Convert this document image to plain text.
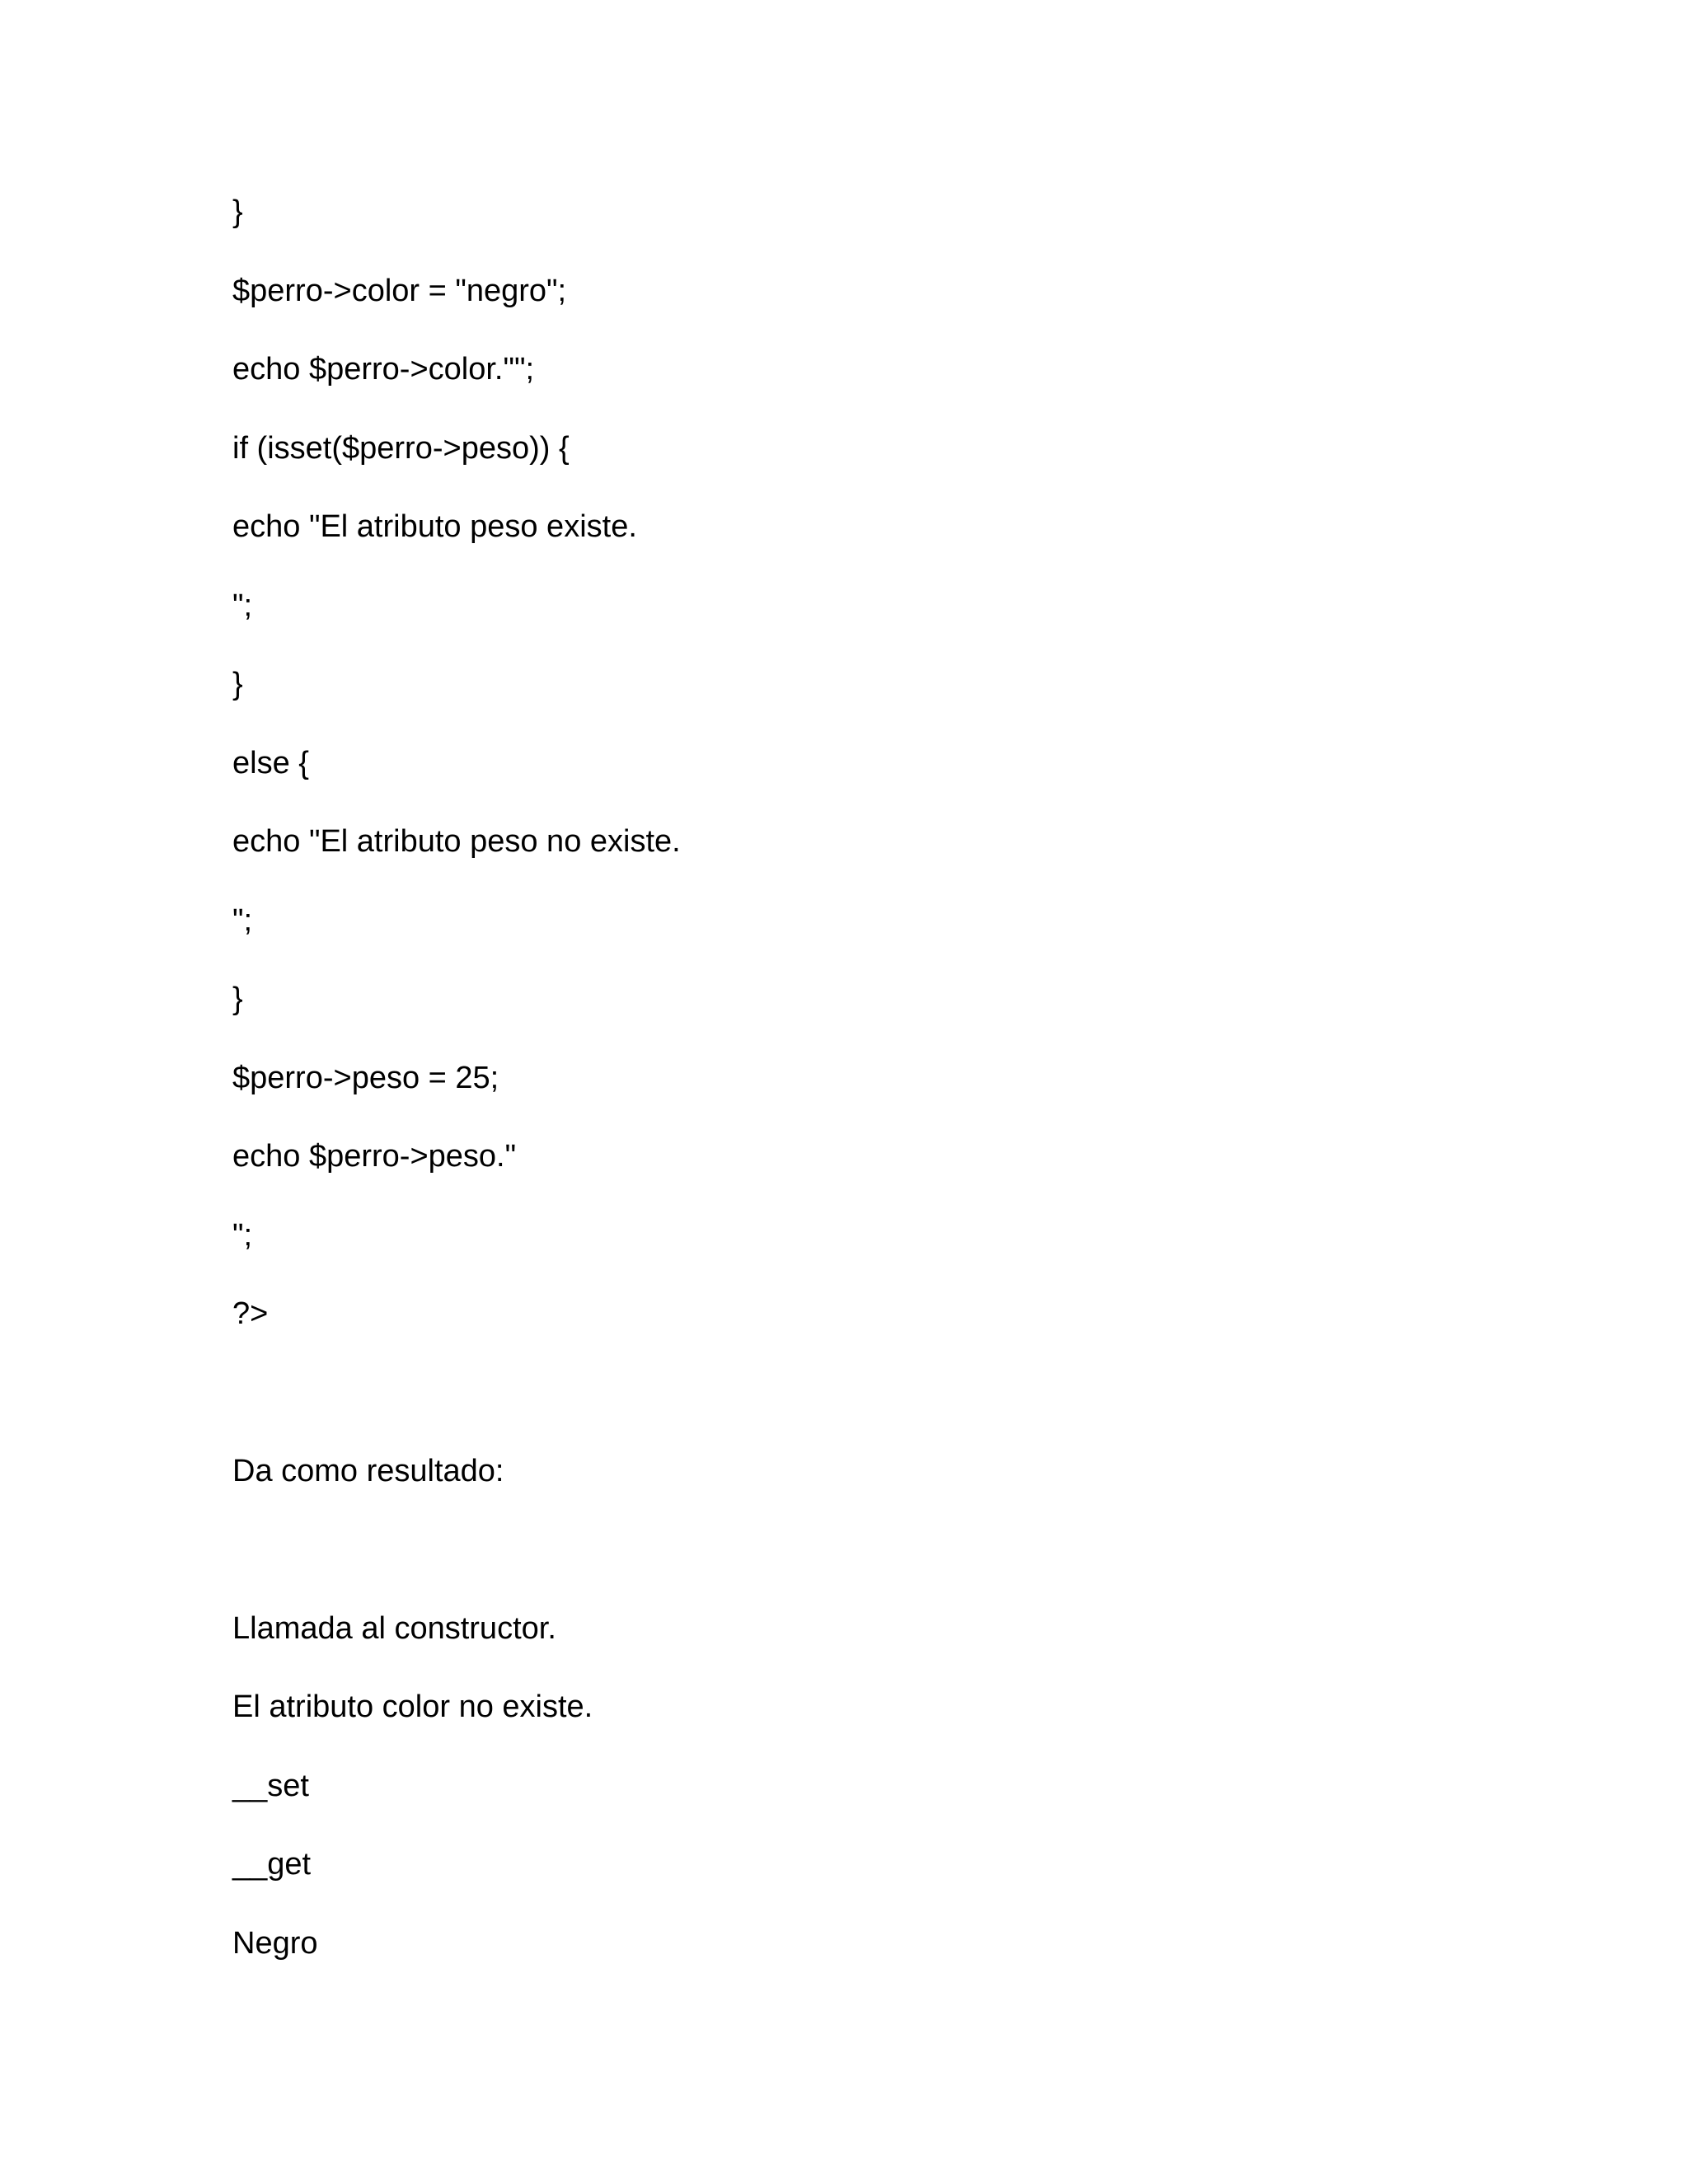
}

$perro->color = "negro";

echo $perro->color."";

if (isset($perro->peso)) {

echo "El atributo peso existe.

";

}

else {

echo "El atributo peso no existe.

";

}

$perro->peso = 25;

echo $perro->peso."

";

?>

Da como resultado:

Llamada al constructor.

El atributo color no existe.

__set

__get

Negro
